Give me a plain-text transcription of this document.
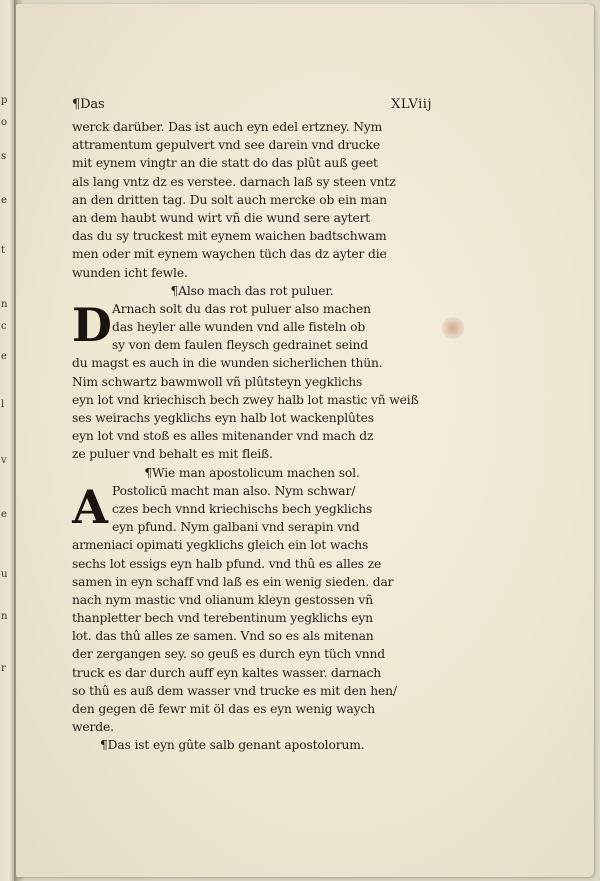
p
o
s
e
t
n
c
e
l
v
e
u
n
r
¶Das	XLViij
werck darüber. Das ist auch eyn edel ertzney. Nym
attramentum gepulvert vnd see darein vnd drucke
mit eynem vingtr an die statt do das plût auß geet
als lang vntz dz es verstee. darnach laß sy steen vntz
an den dritten tag. Du solt auch mercke ob ein man
an dem haubt wund wirt vñ die wund sere aytert
das du sy truckest mit eynem waichen badtschwam
men oder mit eynem waychen tüch das dz ayter die
wunden icht fewle.
¶Also mach das rot puluer.
D Arnach solt du das rot puluer also machen
das heyler alle wunden vnd alle fisteln ob
sy von dem faulen fleysch gedrainet seind
du magst es auch in die wunden sicherlichen thün.
Nim schwartz bawmwoll vñ plûtsteyn yegklichs
eyn lot vnd kriechisch bech zwey halb lot mastic vñ weiß
ses weirachs yegklichs eyn halb lot wackenplûtes
eyn lot vnd stoß es alles mitenander vnd mach dz
ze puluer vnd behalt es mit fleiß.
¶Wie man apostolicum machen sol.
A Postolicū macht man also. Nym schwar/
czes bech vnnd kriechischs bech yegklichs
eyn pfund. Nym galbani vnd serapin vnd
armeniaci opimati yegklichs gleich ein lot wachs
sechs lot essigs eyn halb pfund. vnd thû es alles ze
samen in eyn schaff vnd laß es ein wenig sieden. dar
nach nym mastic vnd olianum kleyn gestossen vñ
thanpletter bech vnd terebentinum yegklichs eyn
lot. das thû alles ze samen. Vnd so es als mitenan
der zergangen sey. so geuß es durch eyn tüch vnnd
truck es dar durch auff eyn kaltes wasser. darnach
so thû es auß dem wasser vnd trucke es mit den hen/
den gegen dē fewr mit öl das es eyn wenig waych
werde.
¶Das ist eyn gûte salb genant apostolorum.
